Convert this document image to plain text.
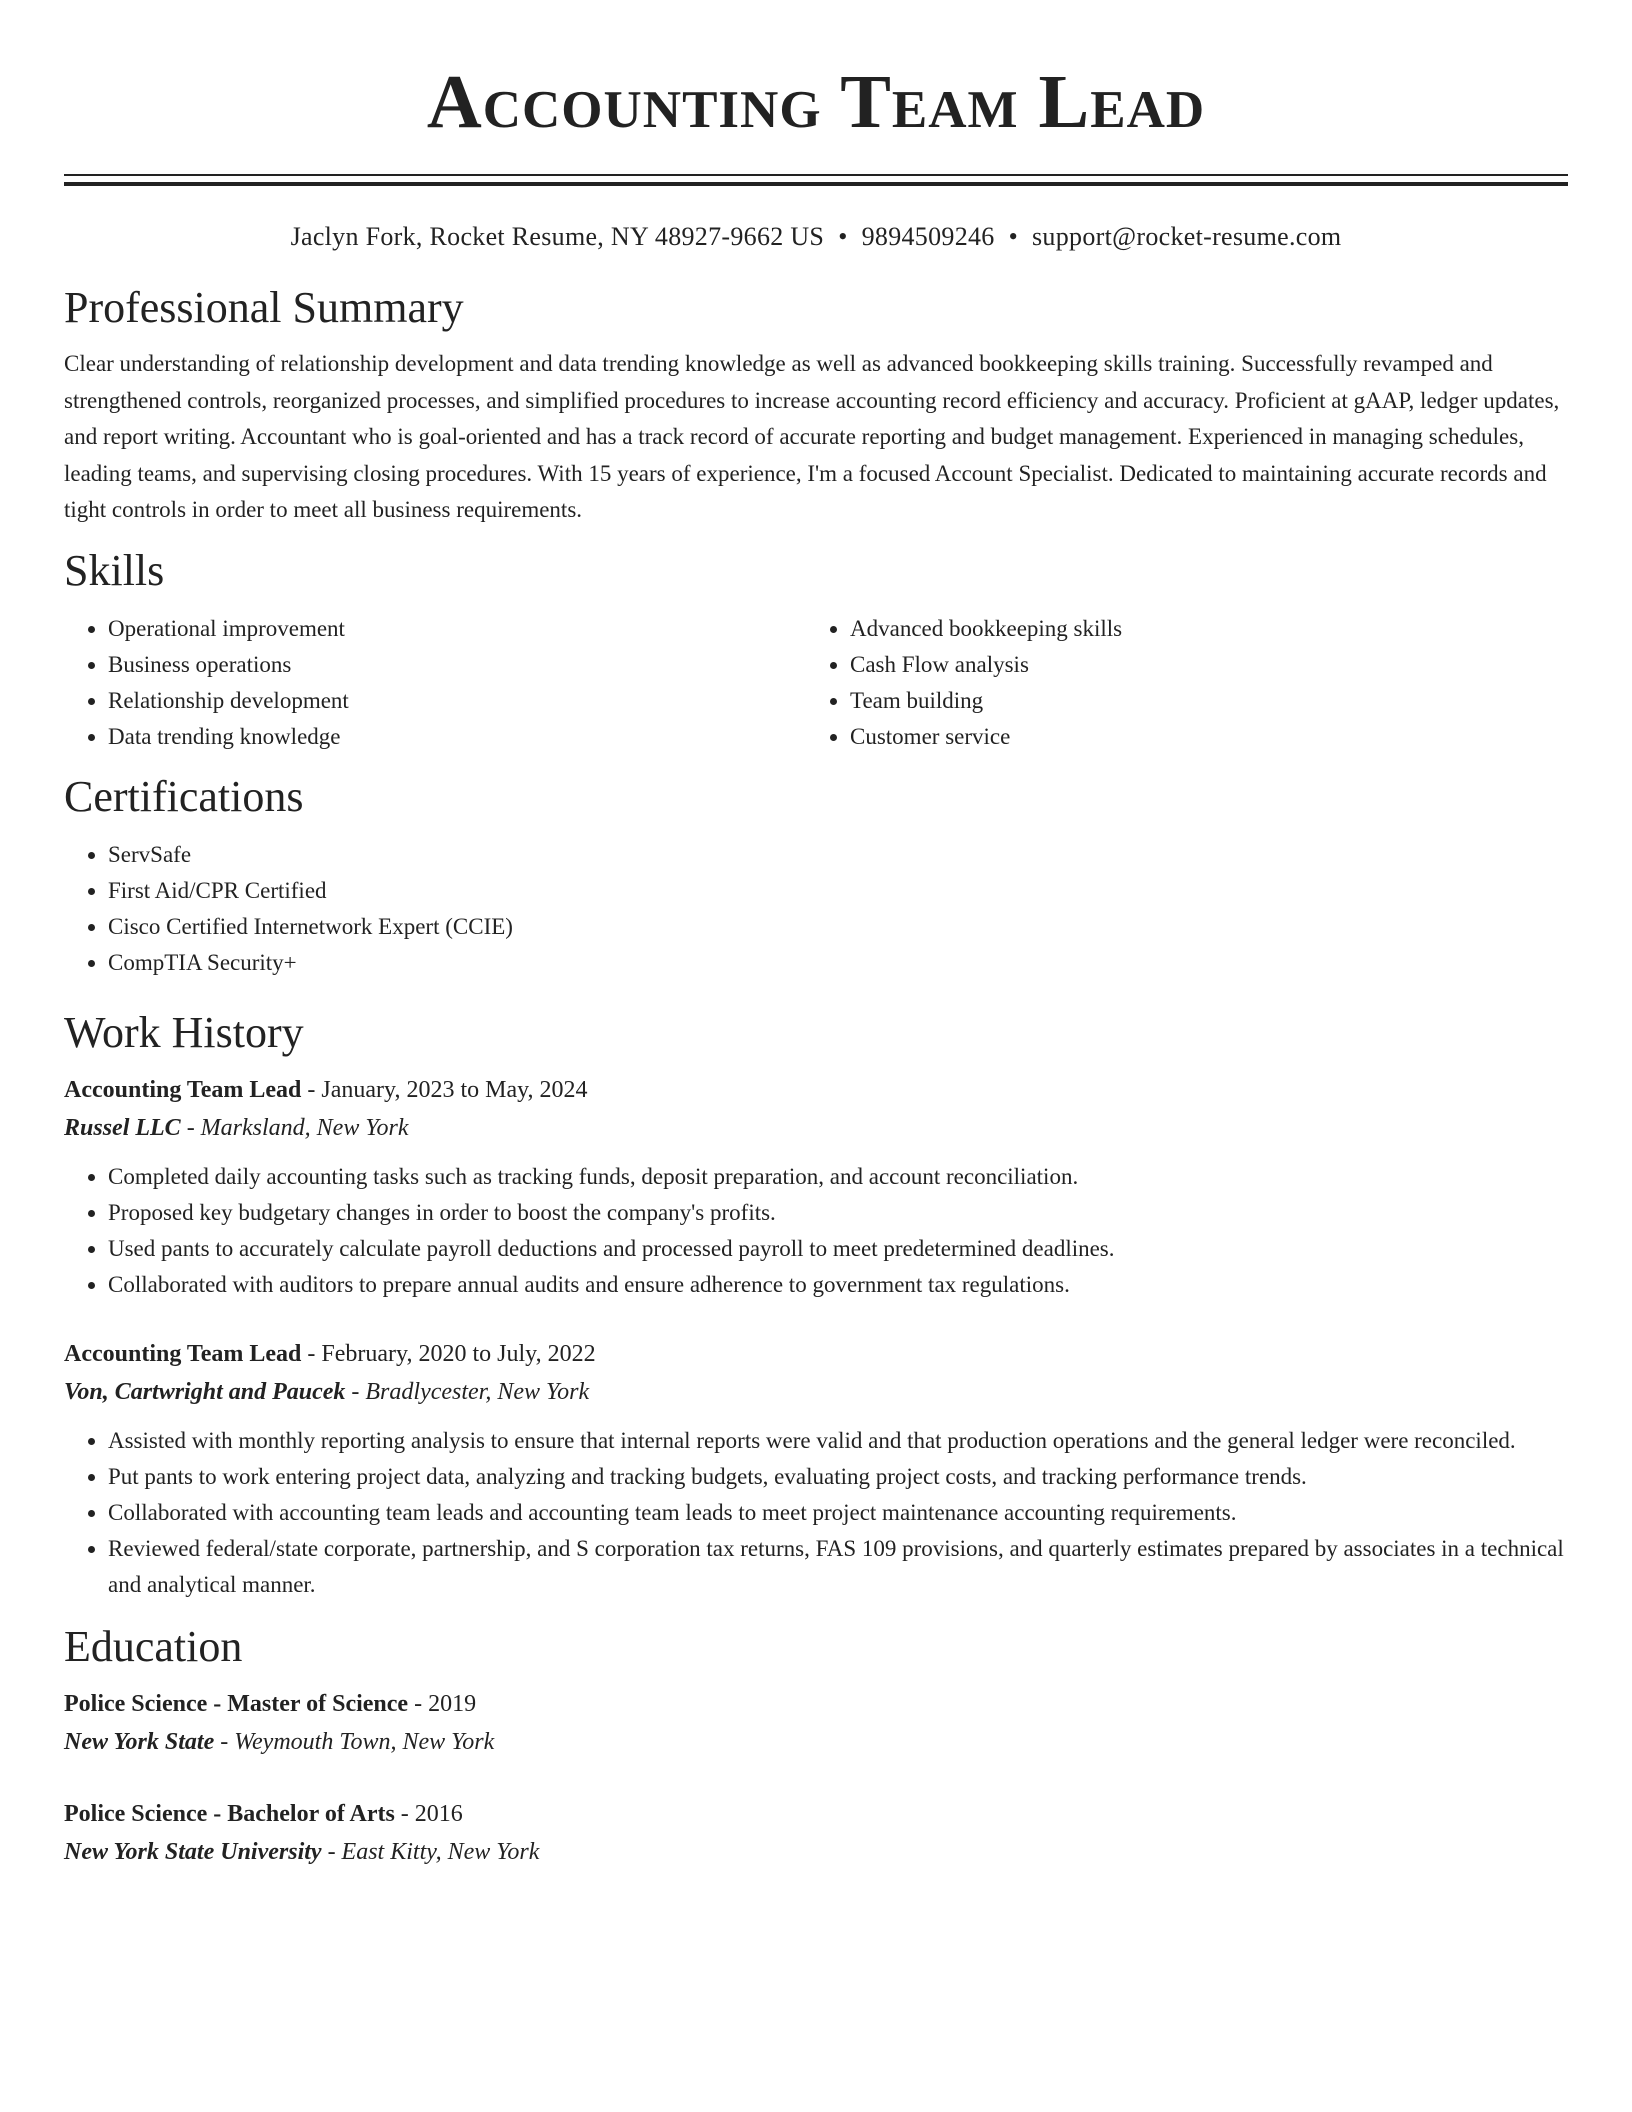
Accounting Team Lead
Jaclyn Fork, Rocket Resume, NY 48927-9662 US • 9894509246 • support@rocket-resume.com
Professional Summary

Clear understanding of relationship development and data trending knowledge as well as advanced bookkeeping skills training. Successfully revamped and strengthened controls, reorganized processes, and simplified procedures to increase accounting record efficiency and accuracy. Proficient at gAAP, ledger updates, and report writing. Accountant who is goal-oriented and has a track record of accurate reporting and budget management. Experienced in managing schedules, leading teams, and supervising closing procedures. With 15 years of experience, I'm a focused Account Specialist. Dedicated to maintaining accurate records and tight controls in order to meet all business requirements.

Skills
• Operational improvement
• Business operations
• Relationship development
• Data trending knowledge
• Advanced bookkeeping skills
• Cash Flow analysis
• Team building
• Customer service
Certifications
• ServSafe
• First Aid/CPR Certified
• Cisco Certified Internetwork Expert (CCIE)
• CompTIA Security+
Work History

Accounting Team Lead - January, 2023 to May, 2024

Russel LLC - Marksland, New York

• Completed daily accounting tasks such as tracking funds, deposit preparation, and account reconciliation.
• Proposed key budgetary changes in order to boost the company's profits.
• Used pants to accurately calculate payroll deductions and processed payroll to meet predetermined deadlines.
• Collaborated with auditors to prepare annual audits and ensure adherence to government tax regulations.

Accounting Team Lead - February, 2020 to July, 2022

Von, Cartwright and Paucek - Bradlycester, New York

• Assisted with monthly reporting analysis to ensure that internal reports were valid and that production operations and the general ledger were reconciled.
• Put pants to work entering project data, analyzing and tracking budgets, evaluating project costs, and tracking performance trends.
• Collaborated with accounting team leads and accounting team leads to meet project maintenance accounting requirements.
• Reviewed federal/state corporate, partnership, and S corporation tax returns, FAS 109 provisions, and quarterly estimates prepared by associates in a technical and analytical manner.
Education

Police Science - Master of Science - 2019

New York State - Weymouth Town, New York

Police Science - Bachelor of Arts - 2016

New York State University - East Kitty, New York
